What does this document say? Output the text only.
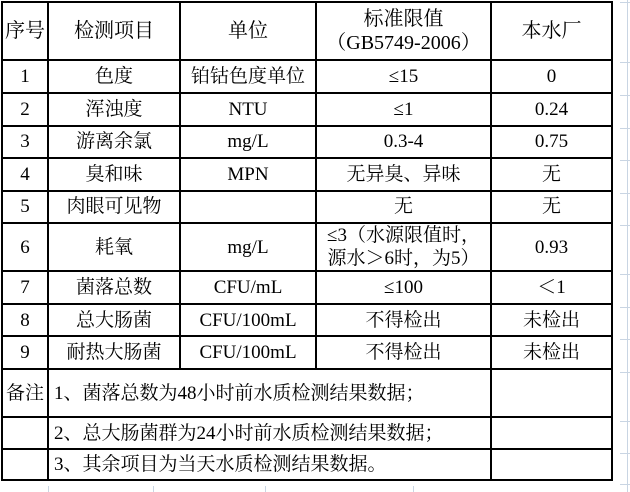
序号	检测项目	单位	标准限值（GB5749-2006）	本水厂
1	色度	铂钴色度单位	≤15	0
2	浑浊度	NTU	≤1	0.24
3	游离余氯	mg/L	0.3-4	0.75
4	臭和味	MPN	无异臭、异味	无
5	肉眼可见物		无	无
6	耗氧	mg/L	≤3（水源限值时，源水＞6时，为5）	0.93
7	菌落总数	CFU/mL	≤100	＜1
8	总大肠菌	CFU/100mL	不得检出	未检出
9	耐热大肠菌	CFU/100mL	不得检出	未检出
备注	1、菌落总数为48小时前水质检测结果数据；			
	2、总大肠菌群为24小时前水质检测结果数据；			
	3、其余项目为当天水质检测结果数据。			
